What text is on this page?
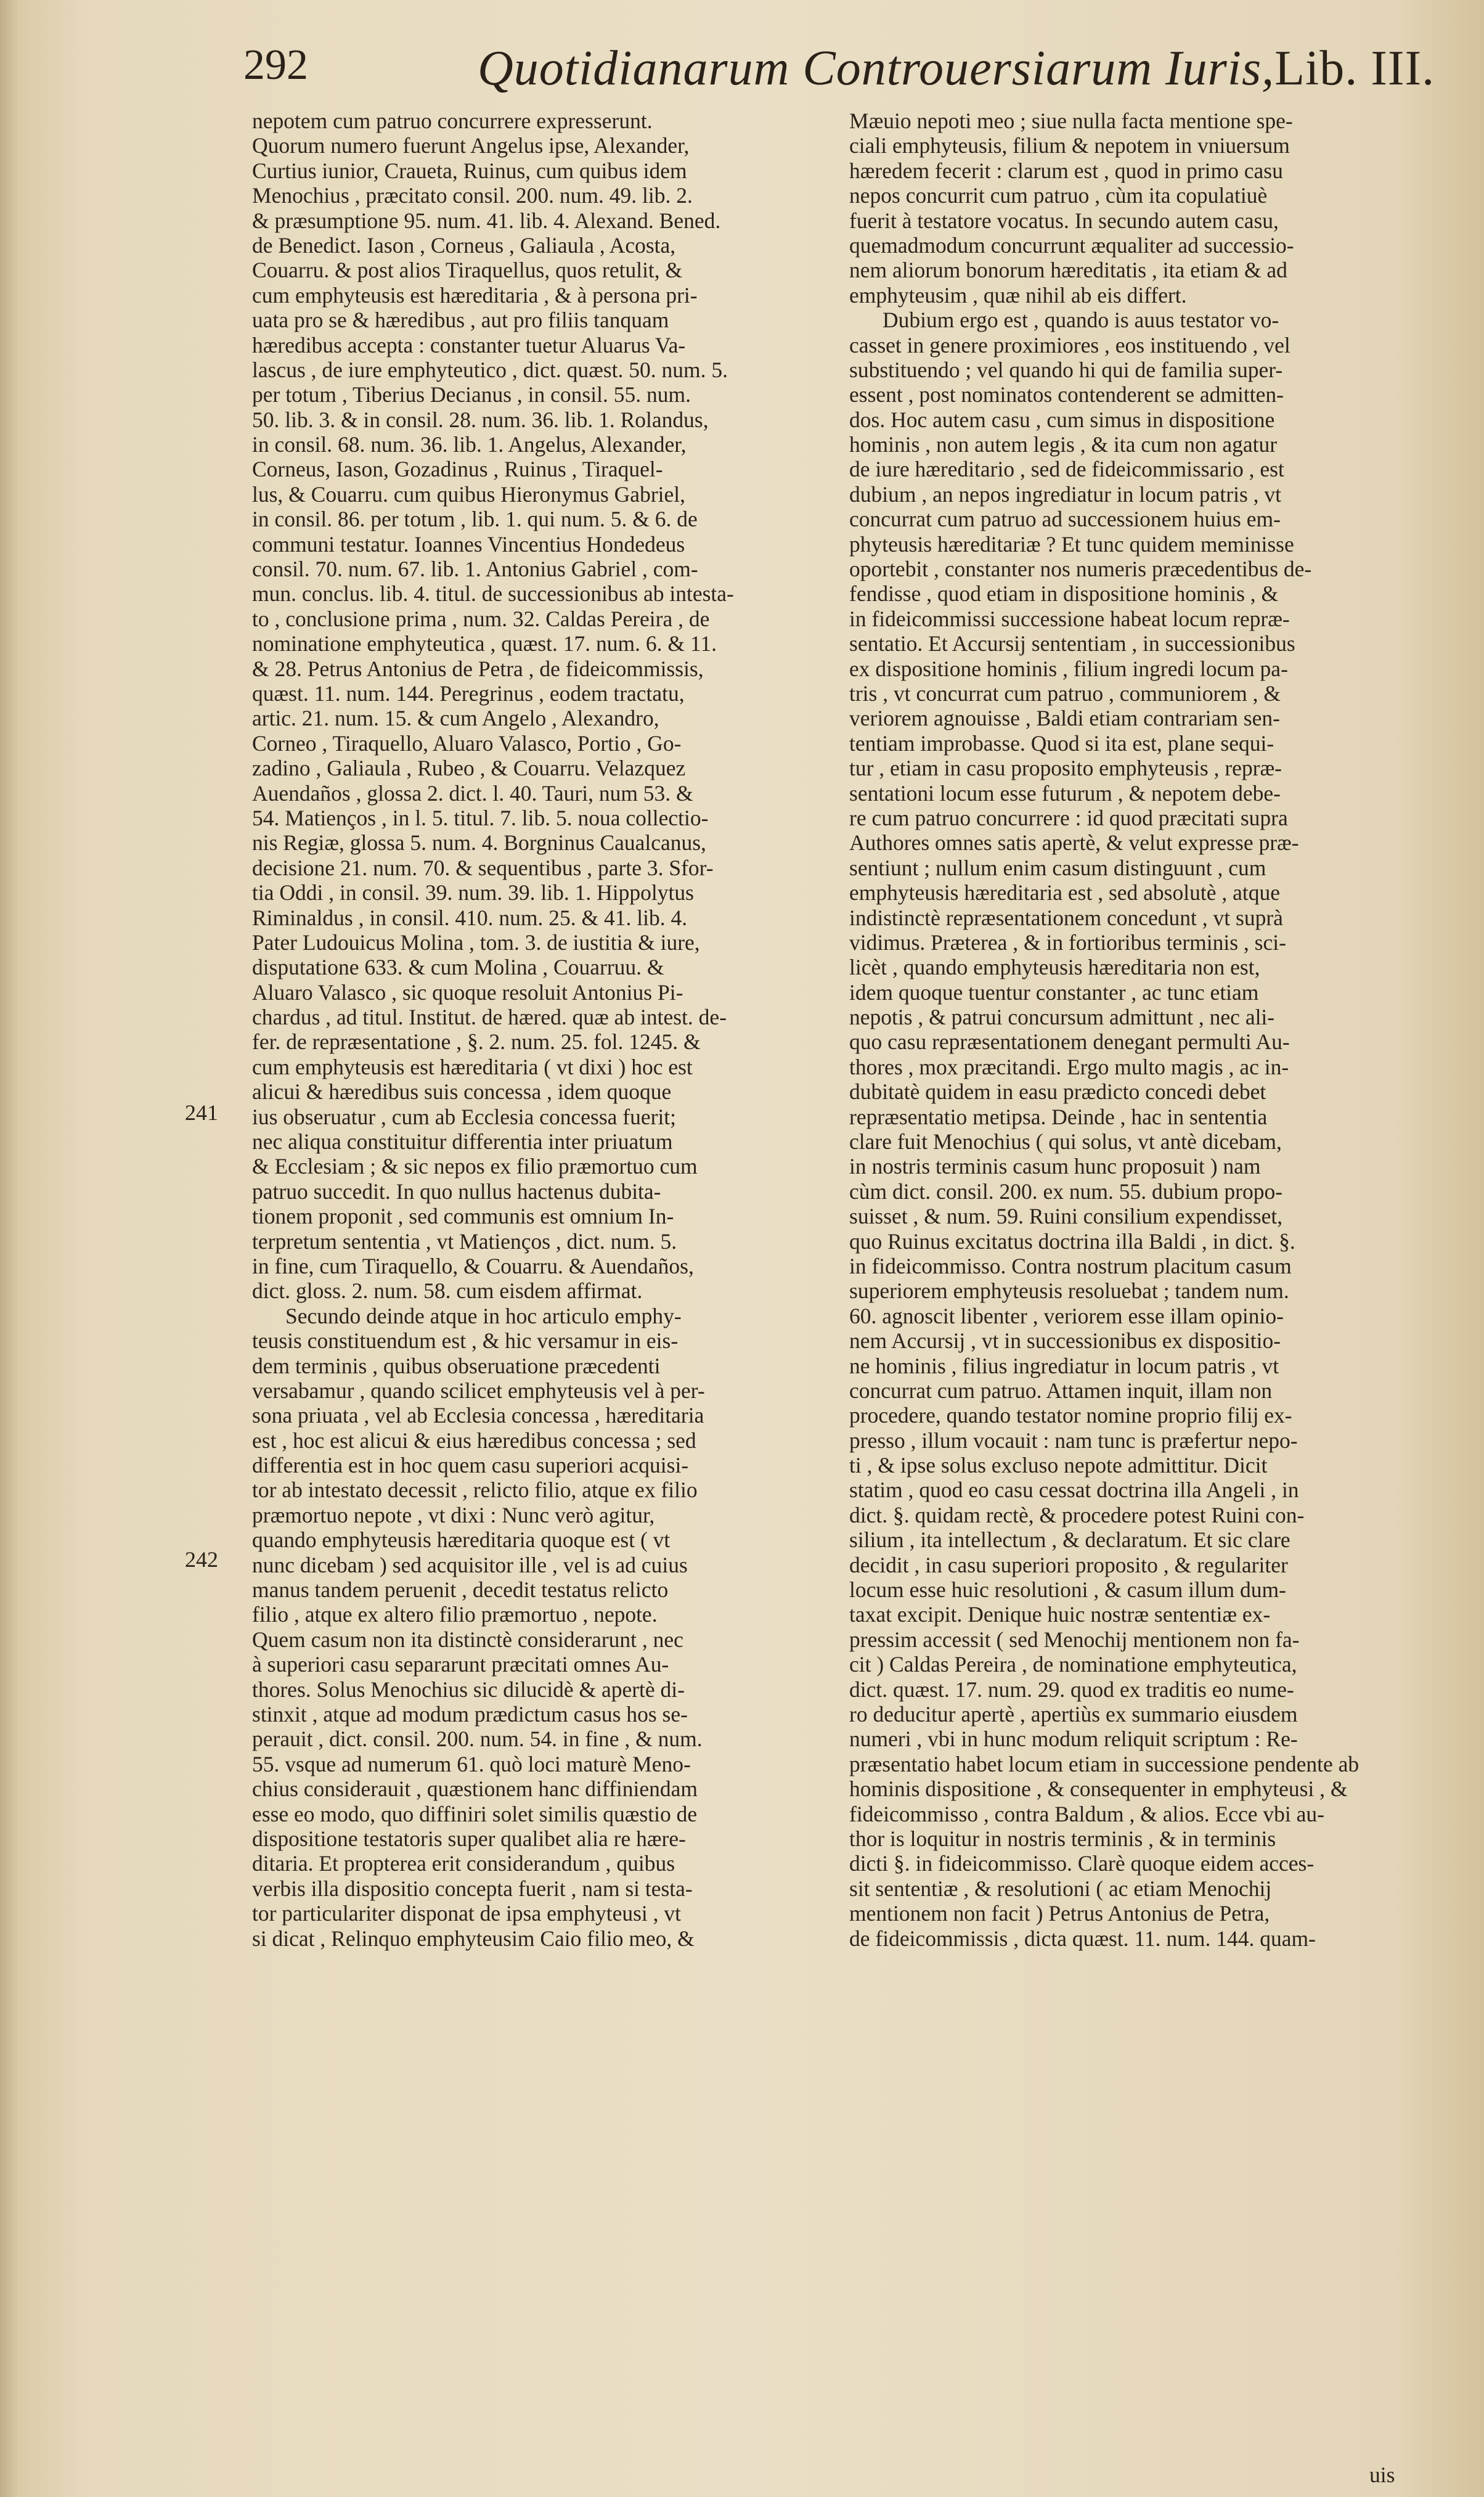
292	Quotidianarum Controuersiarum Iuris,Lib. III.
nepotem cum patruo concurrere expresserunt.
Quorum numero fuerunt Angelus ipse, Alexander,
Curtius iunior, Craueta, Ruinus, cum quibus idem
Menochius , præcitato consil. 200. num. 49. lib. 2.
& præsumptione 95. num. 41. lib. 4. Alexand. Bened.
de Benedict. Iason , Corneus , Galiaula , Acosta,
Couarru. & post alios Tiraquellus, quos retulit, &
cum emphyteusis est hæreditaria , & à persona pri-
uata pro se & hæredibus , aut pro filiis tanquam
hæredibus accepta : constanter tuetur Aluarus Va-
lascus , de iure emphyteutico , dict. quæst. 50. num. 5.
per totum , Tiberius Decianus , in consil. 55. num.
50. lib. 3. & in consil. 28. num. 36. lib. 1. Rolandus,
in consil. 68. num. 36. lib. 1. Angelus, Alexander,
Corneus, Iason, Gozadinus , Ruinus , Tiraquel-
lus, & Couarru. cum quibus Hieronymus Gabriel,
in consil. 86. per totum , lib. 1. qui num. 5. & 6. de
communi testatur. Ioannes Vincentius Hondedeus
consil. 70. num. 67. lib. 1. Antonius Gabriel , com-
mun. conclus. lib. 4. titul. de successionibus ab intesta-
to , conclusione prima , num. 32. Caldas Pereira , de
nominatione emphyteutica , quæst. 17. num. 6. & 11.
& 28. Petrus Antonius de Petra , de fideicommissis,
quæst. 11. num. 144. Peregrinus , eodem tractatu,
artic. 21. num. 15. & cum Angelo , Alexandro,
Corneo , Tiraquello, Aluaro Valasco, Portio , Go-
zadino , Galiaula , Rubeo , & Couarru. Velazquez
Auendaños , glossa 2. dict. l. 40. Tauri, num 53. &
54. Matienços , in l. 5. titul. 7. lib. 5. noua collectio-
nis Regiæ, glossa 5. num. 4. Borgninus Caualcanus,
decisione 21. num. 70. & sequentibus , parte 3. Sfor-
tia Oddi , in consil. 39. num. 39. lib. 1. Hippolytus
Riminaldus , in consil. 410. num. 25. & 41. lib. 4.
Pater Ludouicus Molina , tom. 3. de iustitia & iure,
disputatione 633. & cum Molina , Couarruu. &
Aluaro Valasco , sic quoque resoluit Antonius Pi-
chardus , ad titul. Institut. de hæred. quæ ab intest. de-
fer. de repræsentatione , §. 2. num. 25. fol. 1245. &
cum emphyteusis est hæreditaria ( vt dixi ) hoc est
alicui & hæredibus suis concessa , idem quoque
ius obseruatur , cum ab Ecclesia concessa fuerit;
nec aliqua constituitur differentia inter priuatum
& Ecclesiam ; & sic nepos ex filio præmortuo cum
patruo succedit. In quo nullus hactenus dubita-
tionem proponit , sed communis est omnium In-
terpretum sententia , vt Matienços , dict. num. 5.
in fine, cum Tiraquello, & Couarru. & Auendaños,
dict. gloss. 2. num. 58. cum eisdem affirmat.
Secundo deinde atque in hoc articulo emphy-
teusis constituendum est , & hic versamur in eis-
dem terminis , quibus obseruatione præcedenti
versabamur , quando scilicet emphyteusis vel à per-
sona priuata , vel ab Ecclesia concessa , hæreditaria
est , hoc est alicui & eius hæredibus concessa ; sed
differentia est in hoc quem casu superiori acquisi-
tor ab intestato decessit , relicto filio, atque ex filio
præmortuo nepote , vt dixi : Nunc verò agitur,
quando emphyteusis hæreditaria quoque est ( vt
nunc dicebam ) sed acquisitor ille , vel is ad cuius
manus tandem peruenit , decedit testatus relicto
filio , atque ex altero filio præmortuo , nepote.
Quem casum non ita distinctè considerarunt , nec
à superiori casu separarunt præcitati omnes Au-
thores. Solus Menochius sic dilucidè & apertè di-
stinxit , atque ad modum prædictum casus hos se-
perauit , dict. consil. 200. num. 54. in fine , & num.
55. vsque ad numerum 61. quò loci maturè Meno-
chius considerauit , quæstionem hanc diffiniendam
esse eo modo, quo diffiniri solet similis quæstio de
dispositione testatoris super qualibet alia re hære-
ditaria. Et propterea erit considerandum , quibus
verbis illa dispositio concepta fuerit , nam si testa-
tor particulariter disponat de ipsa emphyteusi , vt
si dicat , Relinquo emphyteusim Caio filio meo, &
Mæuio nepoti meo ; siue nulla facta mentione spe-
ciali emphyteusis, filium & nepotem in vniuersum
hæredem fecerit : clarum est , quod in primo casu
nepos concurrit cum patruo , cùm ita copulatiuè
fuerit à testatore vocatus. In secundo autem casu,
quemadmodum concurrunt æqualiter ad successio-
nem aliorum bonorum hæreditatis , ita etiam & ad
emphyteusim , quæ nihil ab eis differt.
Dubium ergo est , quando is auus testator vo-
casset in genere proximiores , eos instituendo , vel
substituendo ; vel quando hi qui de familia super-
essent , post nominatos contenderent se admitten-
dos. Hoc autem casu , cum simus in dispositione
hominis , non autem legis , & ita cum non agatur
de iure hæreditario , sed de fideicommissario , est
dubium , an nepos ingrediatur in locum patris , vt
concurrat cum patruo ad successionem huius em-
phyteusis hæreditariæ ? Et tunc quidem meminisse
oportebit , constanter nos numeris præcedentibus de-
fendisse , quod etiam in dispositione hominis , &
in fideicommissi successione habeat locum repræ-
sentatio. Et Accursij sententiam , in successionibus
ex dispositione hominis , filium ingredi locum pa-
tris , vt concurrat cum patruo , communiorem , &
veriorem agnouisse , Baldi etiam contrariam sen-
tentiam improbasse. Quod si ita est, plane sequi-
tur , etiam in casu proposito emphyteusis , repræ-
sentationi locum esse futurum , & nepotem debe-
re cum patruo concurrere : id quod præcitati supra
Authores omnes satis apertè, & velut expresse præ-
sentiunt ; nullum enim casum distinguunt , cum
emphyteusis hæreditaria est , sed absolutè , atque
indistinctè repræsentationem concedunt , vt suprà
vidimus. Præterea , & in fortioribus terminis , sci-
licèt , quando emphyteusis hæreditaria non est,
idem quoque tuentur constanter , ac tunc etiam
nepotis , & patrui concursum admittunt , nec ali-
quo casu repræsentationem denegant permulti Au-
thores , mox præcitandi. Ergo multo magis , ac in-
dubitatè quidem in easu prædicto concedi debet
repræsentatio metipsa. Deinde , hac in sententia
clare fuit Menochius ( qui solus, vt antè dicebam,
in nostris terminis casum hunc proposuit ) nam
cùm dict. consil. 200. ex num. 55. dubium propo-
suisset , & num. 59. Ruini consilium expendisset,
quo Ruinus excitatus doctrina illa Baldi , in dict. §.
in fideicommisso. Contra nostrum placitum casum
superiorem emphyteusis resoluebat ; tandem num.
60. agnoscit libenter , veriorem esse illam opinio-
nem Accursij , vt in successionibus ex dispositio-
ne hominis , filius ingrediatur in locum patris , vt
concurrat cum patruo. Attamen inquit, illam non
procedere, quando testator nomine proprio filij ex-
presso , illum vocauit : nam tunc is præfertur nepo-
ti , & ipse solus excluso nepote admittitur. Dicit
statim , quod eo casu cessat doctrina illa Angeli , in
dict. §. quidam rectè, & procedere potest Ruini con-
silium , ita intellectum , & declaratum. Et sic clare
decidit , in casu superiori proposito , & regulariter
locum esse huic resolutioni , & casum illum dum-
taxat excipit. Denique huic nostræ sententiæ ex-
pressim accessit ( sed Menochij mentionem non fa-
cit ) Caldas Pereira , de nominatione emphyteutica,
dict. quæst. 17. num. 29. quod ex traditis eo nume-
ro deducitur apertè , apertiùs ex summario eiusdem
numeri , vbi in hunc modum reliquit scriptum : Re-
præsentatio habet locum etiam in successione pendente ab
hominis dispositione , & consequenter in emphyteusi , &
fideicommisso , contra Baldum , & alios. Ecce vbi au-
thor is loquitur in nostris terminis , & in terminis
dicti §. in fideicommisso. Clarè quoque eidem acces-
sit sententiæ , & resolutioni ( ac etiam Menochij
mentionem non facit ) Petrus Antonius de Petra,
de fideicommissis , dicta quæst. 11. num. 144. quam-
241
242
uis
